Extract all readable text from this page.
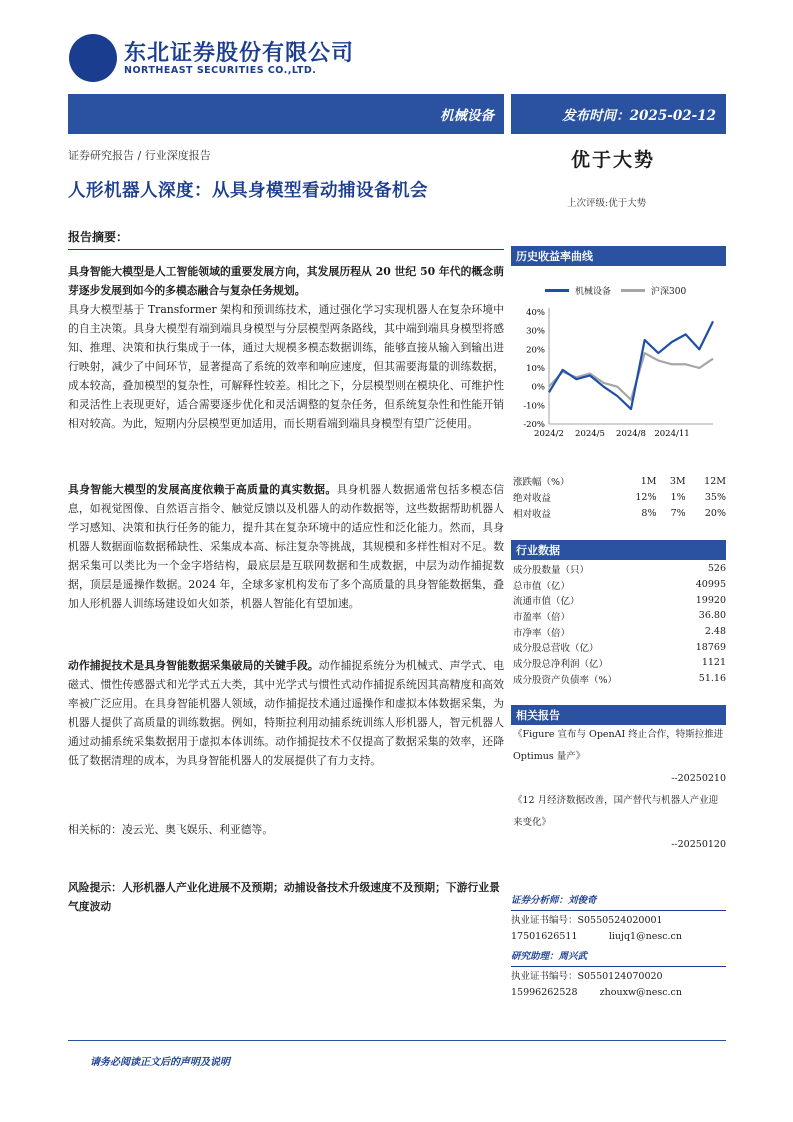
东北证券股份有限公司
NORTHEAST SECURITIES CO.,LTD.
机械设备	发布时间：2025-02-12
证券研究报告 / 行业深度报告	优于大势
人形机器人深度：从具身模型看动捕设备机会
上次评级:优于大势
报告摘要：
具身智能大模型是人工智能领域的重要发展方向，其发展历程从 20 世纪 50 年代的概念萌芽逐步发展到如今的多模态融合与复杂任务规划。
具身大模型基于 Transformer 架构和预训练技术，通过强化学习实现机器人在复杂环境中的自主决策。具身大模型有端到端具身模型与分层模型两条路线，其中端到端具身模型将感知、推理、决策和执行集成于一体，通过大规模多模态数据训练，能够直接从输入到输出进行映射，减少了中间环节，显著提高了系统的效率和响应速度，但其需要海量的训练数据，成本较高，叠加模型的复杂性，可解释性较差。相比之下，分层模型则在模块化、可维护性和灵活性上表现更好，适合需要逐步优化和灵活调整的复杂任务，但系统复杂性和性能开销相对较高。为此，短期内分层模型更加适用，而长期看端到端具身模型有望广泛使用。
具身智能大模型的发展高度依赖于高质量的真实数据。具身机器人数据通常包括多模态信息，如视觉图像、自然语言指令、触觉反馈以及机器人的动作数据等，这些数据帮助机器人学习感知、决策和执行任务的能力，提升其在复杂环境中的适应性和泛化能力。然而，具身机器人数据面临数据稀缺性、采集成本高、标注复杂等挑战，其规模和多样性相对不足。数据采集可以类比为一个金字塔结构，最底层是互联网数据和生成数据，中层为动作捕捉数据，顶层是遥操作数据。2024 年，全球多家机构发布了多个高质量的具身智能数据集，叠加人形机器人训练场建设如火如荼，机器人智能化有望加速。
动作捕捉技术是具身智能数据采集破局的关键手段。动作捕捉系统分为机械式、声学式、电磁式、惯性传感器式和光学式五大类，其中光学式与惯性式动作捕捉系统因其高精度和高效率被广泛应用。在具身智能机器人领域，动作捕捉技术通过遥操作和虚拟本体数据采集，为机器人提供了高质量的训练数据。例如，特斯拉利用动捕系统训练人形机器人，智元机器人通过动捕系统采集数据用于虚拟本体训练。动作捕捉技术不仅提高了数据采集的效率，还降低了数据清理的成本，为具身智能机器人的发展提供了有力支持。
相关标的：凌云光、奥飞娱乐、利亚德等。
风险提示：人形机器人产业化进展不及预期；动捕设备技术升级速度不及预期；下游行业景气度波动
历史收益率曲线
机械设备	沪深300
40%
30%
20%
10%
0%
-10%
-20%
2024/2 2024/5 2024/8 2024/11
涨跌幅（%）	1M	3M	12M
绝对收益	12%	1%	35%
相对收益	8%	7%	20%
行业数据
成分股数量（只）	526
总市值（亿）	40995
流通市值（亿）	19920
市盈率（倍）	36.80
市净率（倍）	2.48
成分股总营收（亿）	18769
成分股总净利润（亿）	1121
成分股资产负债率（%）	51.16
相关报告
《Figure 宣布与 OpenAI 终止合作，特斯拉推进 Optimus 量产》
--20250210
《12 月经济数据改善，国产替代与机器人产业迎来变化》
--20250120
证券分析师：刘俊奇
执业证书编号：S0550524020001
17501626511	liujq1@nesc.cn
研究助理：周兴武
执业证书编号：S0550124070020
15996262528 zhouxw@nesc.cn
请务必阅读正文后的声明及说明
